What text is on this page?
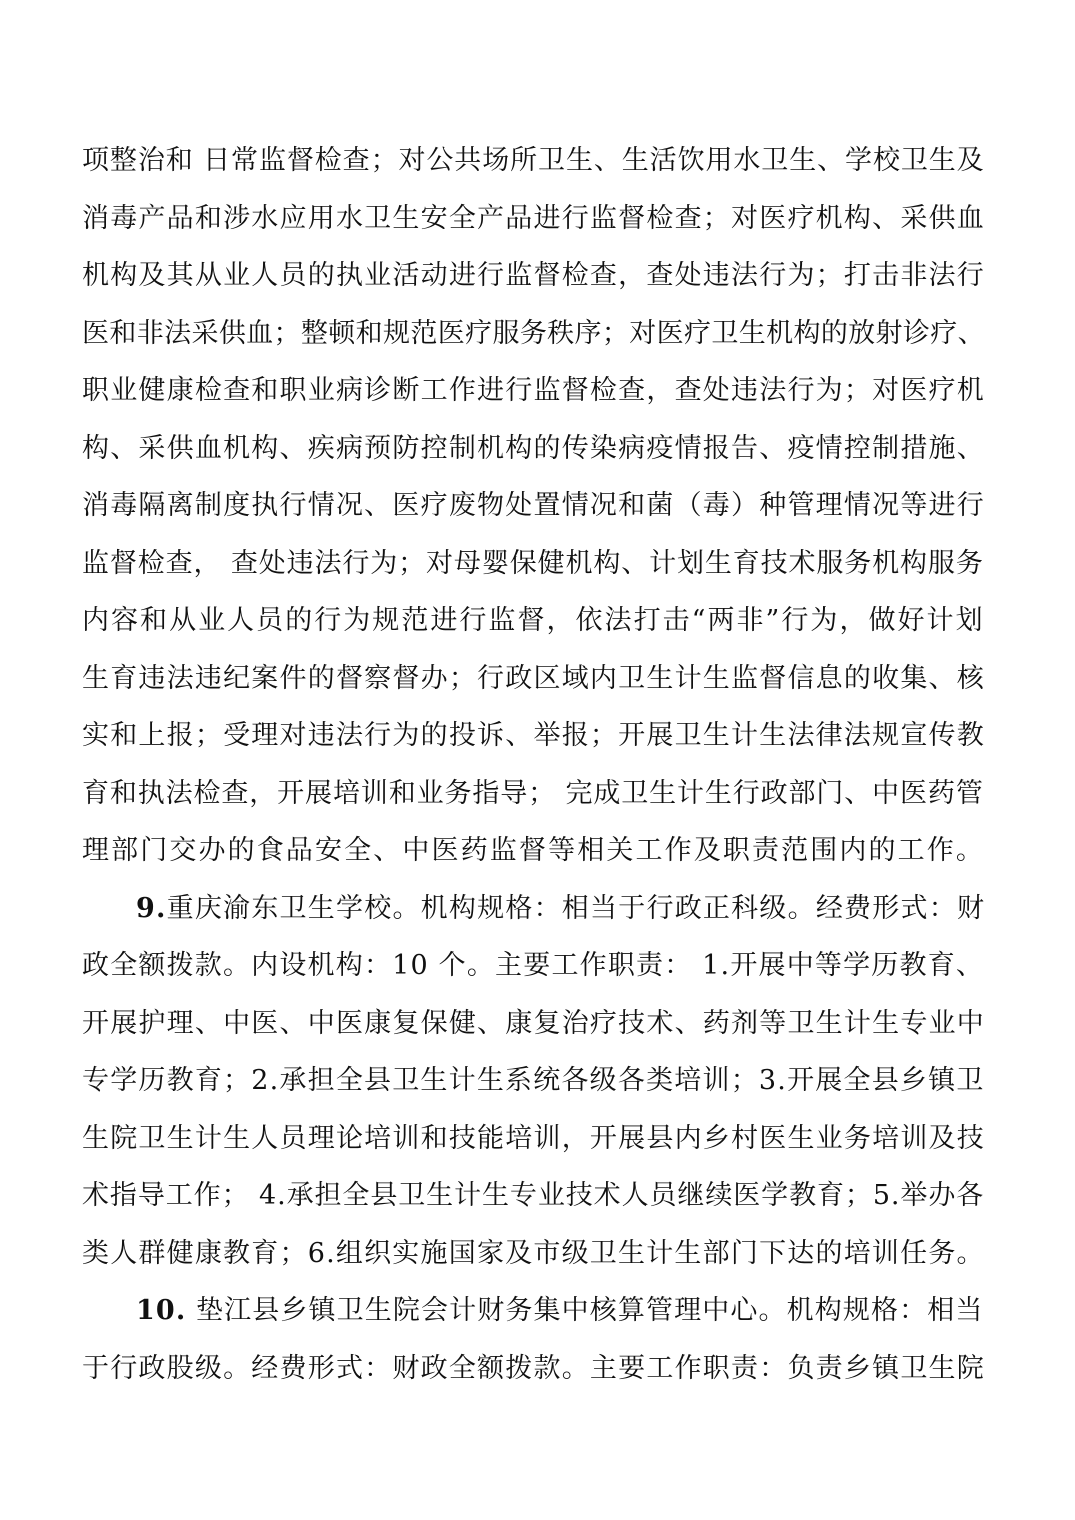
项整治和 日常监督检查；对公共场所卫生、生活饮用水卫生、学校卫生及
消毒产品和涉水应用水卫生安全产品进行监督检查；对医疗机构、采供血
机构及其从业人员的执业活动进行监督检查，查处违法行为；打击非法行
医和非法采供血；整顿和规范医疗服务秩序；对医疗卫生机构的放射诊疗、
职业健康检查和职业病诊断工作进行监督检查，查处违法行为；对医疗机
构、采供血机构、疾病预防控制机构的传染病疫情报告、疫情控制措施、
消毒隔离制度执行情况、医疗废物处置情况和菌（毒）种管理情况等进行
监督检查， 查处违法行为；对母婴保健机构、计划生育技术服务机构服务
内容和从业人员的行为规范进行监督，依法打击“两非”行为，做好计划
生育违法违纪案件的督察督办；行政区域内卫生计生监督信息的收集、核
实和上报；受理对违法行为的投诉、举报；开展卫生计生法律法规宣传教
育和执法检查，开展培训和业务指导； 完成卫生计生行政部门、中医药管
理部门交办的食品安全、中医药监督等相关工作及职责范围内的工作。
9.重庆渝东卫生学校。机构规格：相当于行政正科级。经费形式：财
政全额拨款。内设机构：10 个。主要工作职责： 1.开展中等学历教育、
开展护理、中医、中医康复保健、康复治疗技术、药剂等卫生计生专业中
专学历教育；2.承担全县卫生计生系统各级各类培训；3.开展全县乡镇卫
生院卫生计生人员理论培训和技能培训，开展县内乡村医生业务培训及技
术指导工作； 4.承担全县卫生计生专业技术人员继续医学教育；5.举办各
类人群健康教育；6.组织实施国家及市级卫生计生部门下达的培训任务。
10. 垫江县乡镇卫生院会计财务集中核算管理中心。机构规格：相当
于行政股级。经费形式：财政全额拨款。主要工作职责：负责乡镇卫生院
